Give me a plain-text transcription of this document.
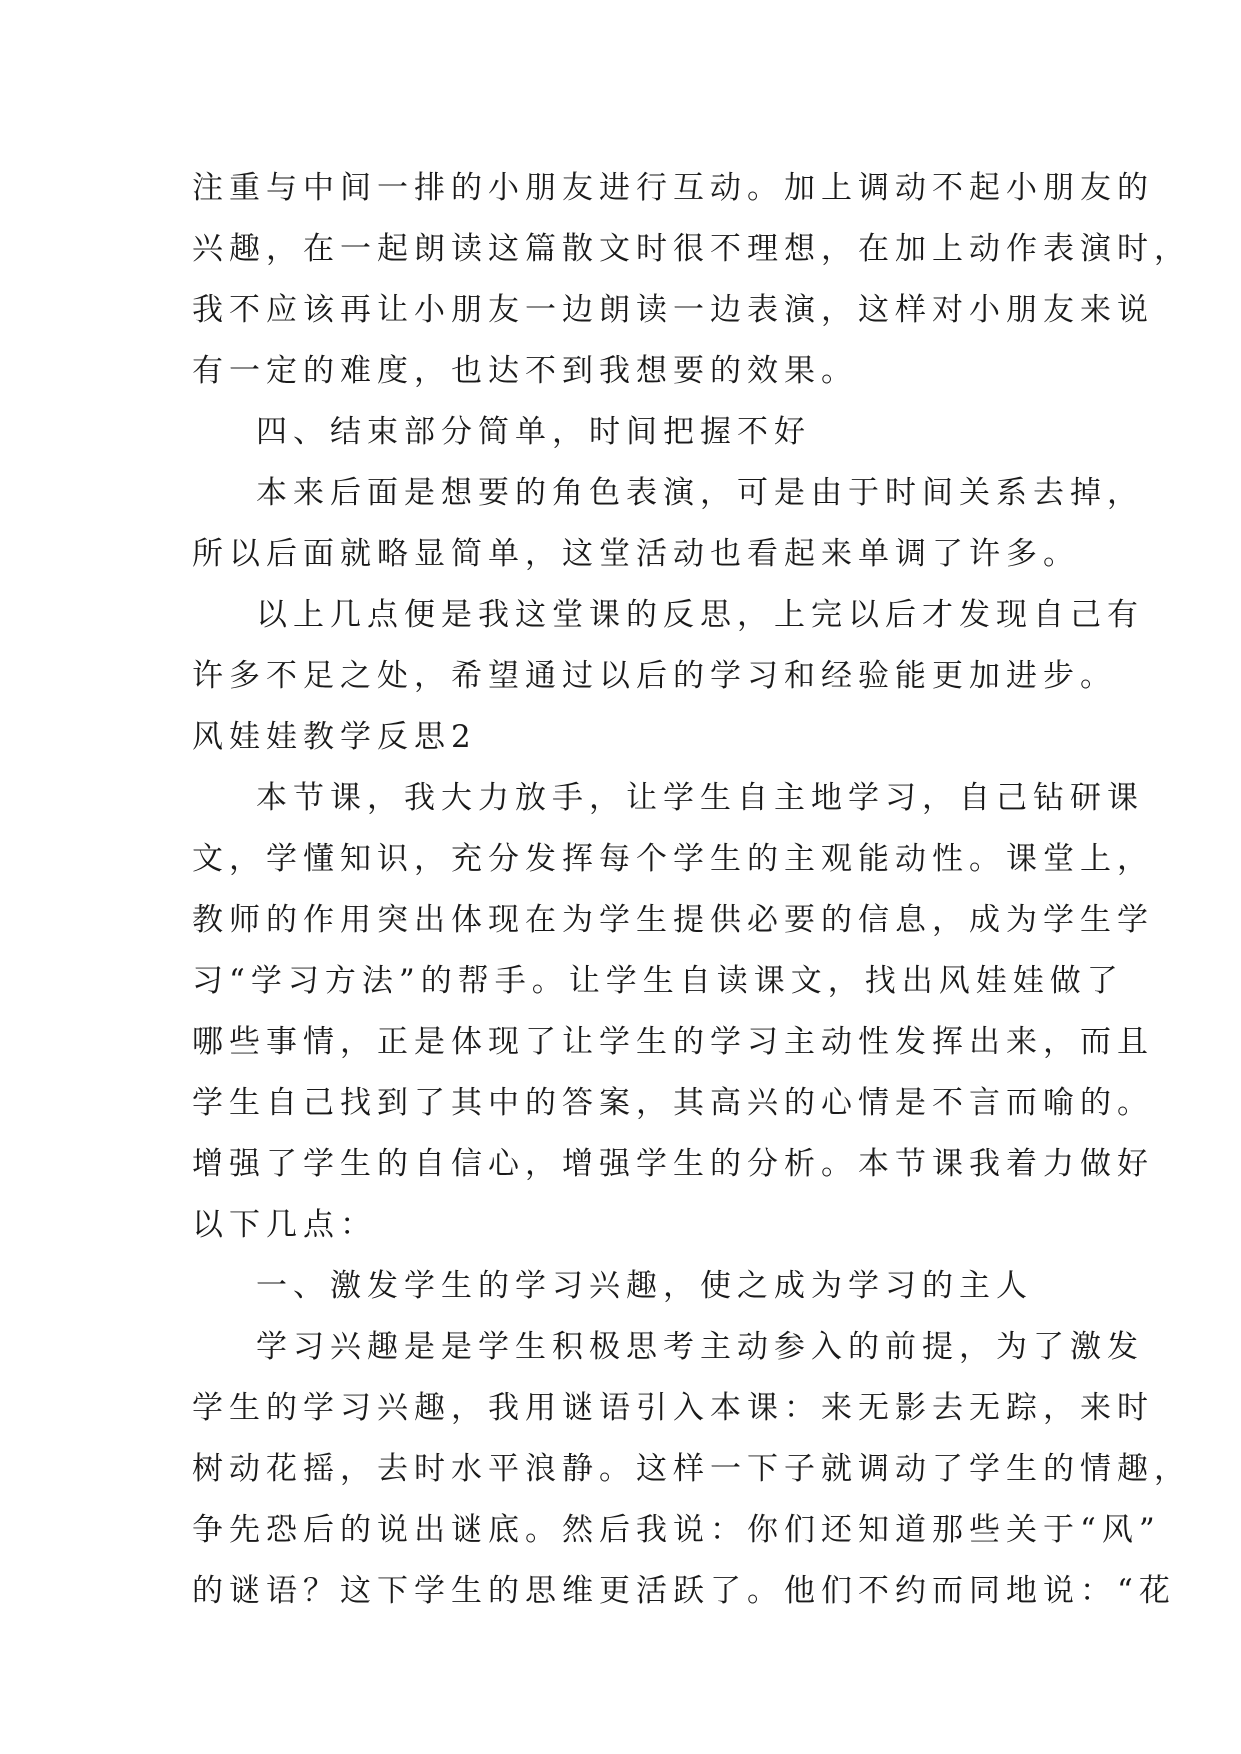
注重与中间一排的小朋友进行互动。加上调动不起小朋友的
兴趣，在一起朗读这篇散文时很不理想，在加上动作表演时，
我不应该再让小朋友一边朗读一边表演，这样对小朋友来说
有一定的难度，也达不到我想要的效果。
四、结束部分简单，时间把握不好
本来后面是想要的角色表演，可是由于时间关系去掉，
所以后面就略显简单，这堂活动也看起来单调了许多。
以上几点便是我这堂课的反思，上完以后才发现自己有
许多不足之处，希望通过以后的学习和经验能更加进步。
风娃娃教学反思2
本节课，我大力放手，让学生自主地学习，自己钻研课
文，学懂知识，充分发挥每个学生的主观能动性。课堂上，
教师的作用突出体现在为学生提供必要的信息，成为学生学
习“学习方法”的帮手。让学生自读课文，找出风娃娃做了
哪些事情，正是体现了让学生的学习主动性发挥出来，而且
学生自己找到了其中的答案，其高兴的心情是不言而喻的。
增强了学生的自信心，增强学生的分析。本节课我着力做好
以下几点：
一、激发学生的学习兴趣，使之成为学习的主人
学习兴趣是是学生积极思考主动参入的前提，为了激发
学生的学习兴趣，我用谜语引入本课：来无影去无踪，来时
树动花摇，去时水平浪静。这样一下子就调动了学生的情趣，
争先恐后的说出谜底。然后我说：你们还知道那些关于“风”
的谜语？这下学生的思维更活跃了。他们不约而同地说：“花
